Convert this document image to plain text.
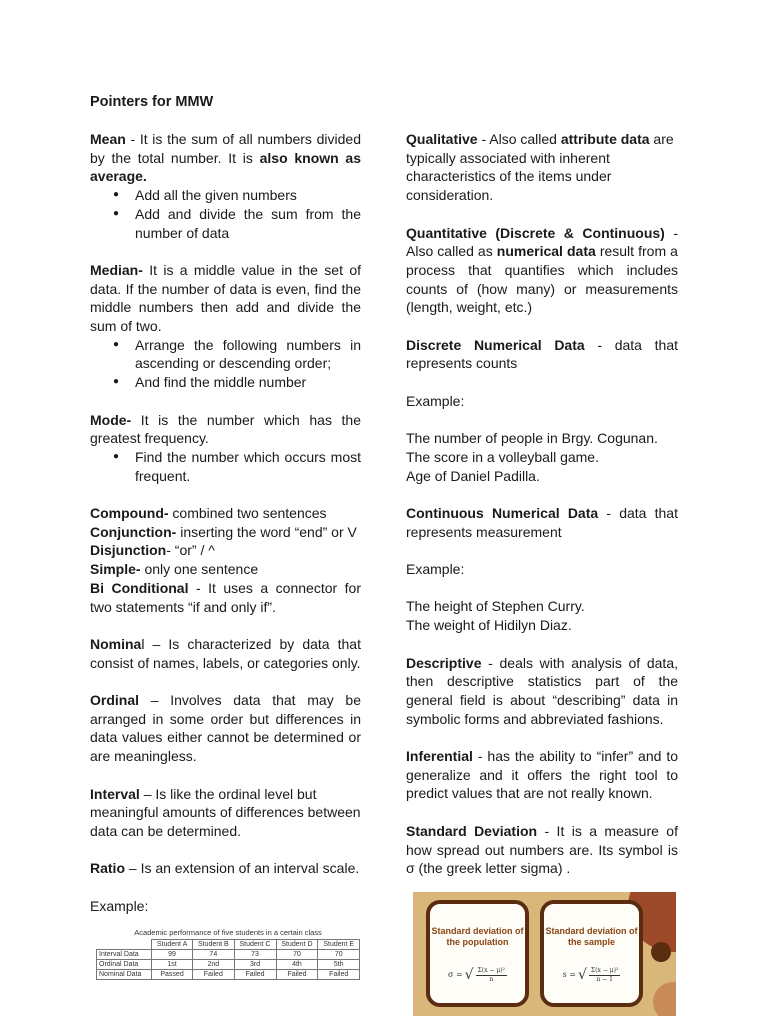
Pointers for MMW

Mean - It is the sum of all numbers divided by the total number. It is also known as average.

● Add all the given numbers
● Add and divide the sum from the number of data

Median- It is a middle value in the set of data. If the number of data is even, find the middle numbers then add and divide the sum of two.

● Arrange the following numbers in ascending or descending order;
● And find the middle number

Mode- It is the number which has the greatest frequency.

● Find the number which occurs most frequent.

Compound- combined two sentences

Conjunction- inserting the word “end” or V

Disjunction- “or” / ^

Simple- only one sentence

Bi Conditional - It uses a connector for two statements “if and only if”.

Nominal – Is characterized by data that consist of names, labels, or categories only.

Ordinal – Involves data that may be arranged in some order but differences in data values either cannot be determined or are meaningless.

Interval – Is like the ordinal level but

meaningful amounts of differences between

data can be determined.

Ratio – Is an extension of an interval scale.

Example:

Academic performance of five students in a certain class
	Student A	Student B	Student C	Student D	Student E
Interval Data	99	74	73	70	70
Ordinal Data	1st	2nd	3rd	4th	5th
Nominal Data	Passed	Failed	Failed	Failed	Failed

Qualitative - Also called attribute data are typically associated with inherent characteristics of the items under consideration.

Quantitative (Discrete & Continuous) - Also called as numerical data result from a process that quantifies which includes counts of (how many) or measurements (length, weight, etc.)

Discrete Numerical Data - data that represents counts

Example:

The number of people in Brgy. Cogunan.

The score in a volleyball game.

Age of Daniel Padilla.

Continuous Numerical Data - data that represents measurement

Example:

The height of Stephen Curry.

The weight of Hidilyn Diaz.

Descriptive - deals with analysis of data, then descriptive statistics part of the general field is about “describing” data in symbolic forms and abbreviated fashions.

Inferential - has the ability to “infer” and to generalize and it offers the right tool to predict values that are not really known.

Standard Deviation - It is a measure of how spread out numbers are. Its symbol is σ (the greek letter sigma) .

Standard deviation of the population
σ = √ $\frac{\text{Σ(x − μ)²}}{n}$
Standard deviation of the sample
s = √ $\frac{\text{Σ(x − μ)²}}{n - 1}$
